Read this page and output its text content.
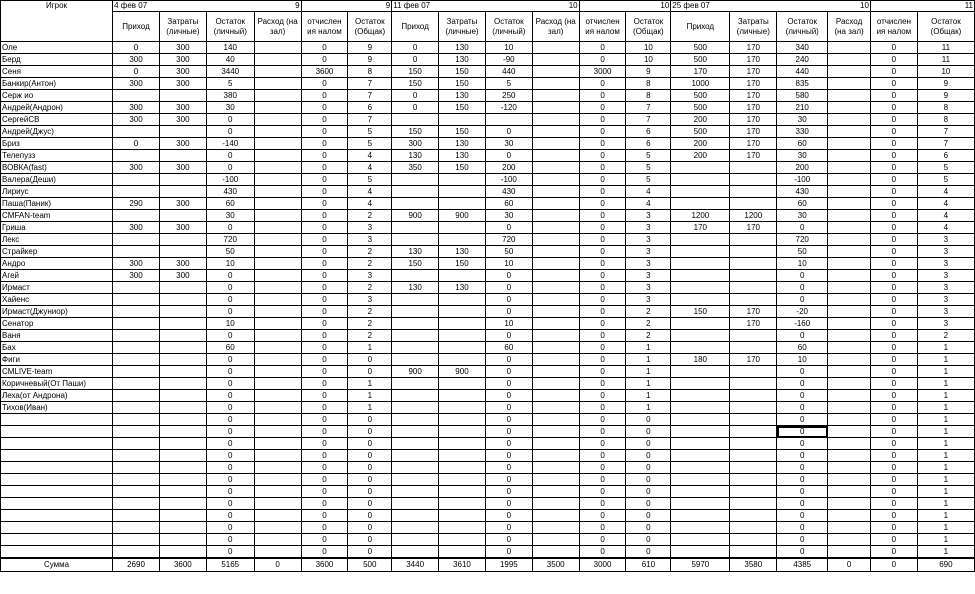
Игрок	4 фев 07			9		9	11 фев 07			10		10	25 фев 07			10		11
	Приход	Затраты (личные)	Остаток (личный)	Расход (на зал)	отчислен ия налом	Остаток (Общак)	Приход	Затраты (личные)	Остаток (личный)	Расход (на зал)	отчислен ия налом	Остаток (Общак)	Приход	Затраты (личные)	Остаток (личный)	Расход (на зал)	отчислен ия налом	Остаток (Общак)
Оле	0	300	140		0	9	0	130	10		0	10	500	170	340		0	11
Берд	300	300	40		0	9	0	130	-90		0	10	500	170	240		0	11
Сеня	0	300	3440		3600	8	150	150	440		3000	9	170	170	440		0	10
Банкир(Антон)	300	300	5		0	7	150	150	5		0	8	1000	170	835		0	9
Серж ио			380		0	7	0	130	250		0	8	500	170	580		0	9
Андрей(Андрон)	300	300	30		0	6	0	150	-120		0	7	500	170	210		0	8
СергейСВ	300	300	0		0	7					0	7	200	170	30		0	8
Андрей(Джус)			0		0	5	150	150	0		0	6	500	170	330		0	7
Бриз	0	300	-140		0	5	300	130	30		0	6	200	170	60		0	7
Телепузз			0		0	4	130	130	0		0	5	200	170	30		0	6
ВОВКА(fast)	300	300	0		0	4	350	150	200		0	5			200		0	5
Валера(Деши)			-100		0	5			-100		0	5			-100		0	5
Лириус			430		0	4			430		0	4			430		0	4
Паша(Паник)	290	300	60		0	4			60		0	4			60		0	4
CMFAN-team			30		0	2	900	900	30		0	3	1200	1200	30		0	4
Гриша	300	300	0		0	3			0		0	3	170	170	0		0	4
Лекс			720		0	3			720		0	3			720		0	3
Страйкер			50		0	2	130	130	50		0	3			50		0	3
Андро	300	300	10		0	2	150	150	10		0	3			10		0	3
Агей	300	300	0		0	3			0		0	3			0		0	3
Ирмаст			0		0	2	130	130	0		0	3			0		0	3
Хайенс			0		0	3			0		0	3			0		0	3
Ирмаст(Джуниор)			0		0	2			0		0	2	150	170	-20		0	3
Сенатор			10		0	2			10		0	2		170	-160		0	3
Ваня			0		0	2			0		0	2			0		0	2
Бах			60		0	1			60		0	1			60		0	1
Фиги			0		0	0			0		0	1	180	170	10		0	1
CMLIVE-team			0		0	0	900	900	0		0	1			0		0	1
Коричневый(От Паши)			0		0	1			0		0	1			0		0	1
Леха(от Андрона)			0		0	1			0		0	1			0		0	1
Тихов(Иван)			0		0	1			0		0	1			0		0	1
			0		0	0			0		0	0			0		0	1
			0		0	0			0		0	0			0		0	1
			0		0	0			0		0	0			0		0	1
			0		0	0			0		0	0			0		0	1
			0		0	0			0		0	0			0		0	1
			0		0	0			0		0	0			0		0	1
			0		0	0			0		0	0			0		0	1
			0		0	0			0		0	0			0		0	1
			0		0	0			0		0	0			0		0	1
			0		0	0			0		0	0			0		0	1
			0		0	0			0		0	0			0		0	1
			0		0	0			0		0	0			0		0	1
Сумма	2690	3600	5165	0	3600	500	3440	3610	1995	3500	3000	610	5970	3580	4385	0	0	690
